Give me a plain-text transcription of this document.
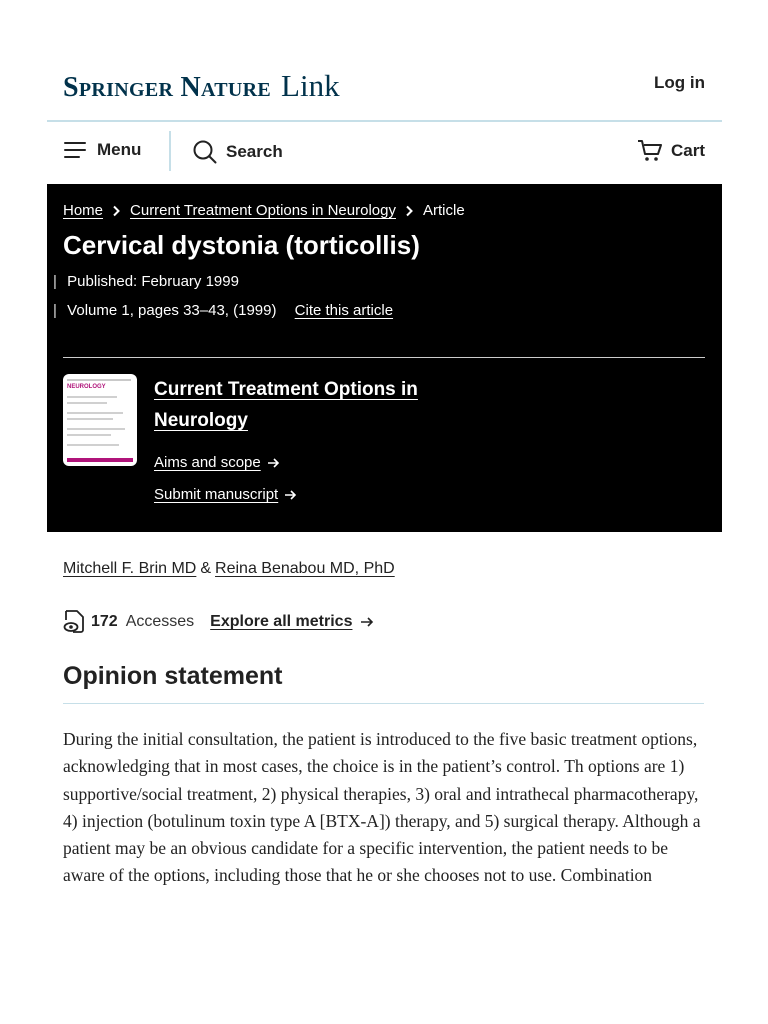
Springer Nature Link	Log in
Menu	Search	Cart
Home Current Treatment Options in Neurology Article
Cervical dystonia (torticollis)
| Published: February 1999
| Volume 1, pages 33–43, (1999) Cite this article
NEUROLOGY	Current Treatment Options in Neurology
Aims and scope
Submit manuscript
Mitchell F. Brin MD & Reina Benabou MD, PhD
172 Accesses Explore all metrics
Opinion statement

During the initial consultation, the patient is introduced to the five basic treatment options, acknowledging that in most cases, the choice is in the patient’s control. Th options are 1) supportive/social treatment, 2) physical therapies, 3) oral and intrathecal pharmacotherapy, 4) injection (botulinum toxin type A [BTX-A]) therapy, and 5) surgical therapy. Although a patient may be an obvious candidate for a specific intervention, the patient needs to be aware of the options, including those that he or she chooses not to use. Combination
